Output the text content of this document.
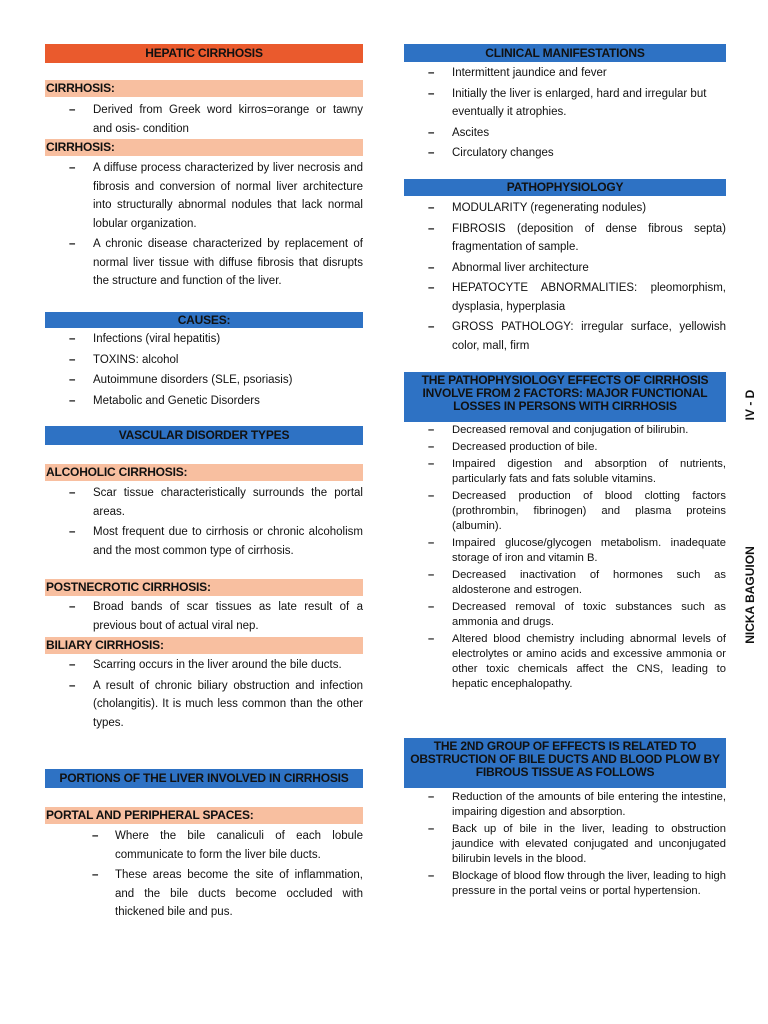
HEPATIC CIRRHOSIS
CIRRHOSIS:
– Derived from Greek word kirros=orange or tawny and osis- condition
CIRRHOSIS:
– A diffuse process characterized by liver necrosis and fibrosis and conversion of normal liver architecture into structurally abnormal nodules that lack normal lobular organization.
– A chronic disease characterized by replacement of normal liver tissue with diffuse fibrosis that disrupts the structure and function of the liver.
CAUSES:
– Infections (viral hepatitis)
– TOXINS: alcohol
– Autoimmune disorders (SLE, psoriasis)
– Metabolic and Genetic Disorders
VASCULAR DISORDER TYPES
ALCOHOLIC CIRRHOSIS:
– Scar tissue characteristically surrounds the portal areas.
– Most frequent due to cirrhosis or chronic alcoholism and the most common type of cirrhosis.
POSTNECROTIC CIRRHOSIS:
– Broad bands of scar tissues as late result of a previous bout of actual viral nep.
BILIARY CIRRHOSIS:
– Scarring occurs in the liver around the bile ducts.
– A result of chronic biliary obstruction and infection (cholangitis). It is much less common than the other types.
PORTIONS OF THE LIVER INVOLVED IN CIRRHOSIS
PORTAL AND PERIPHERAL SPACES:
– Where the bile canaliculi of each lobule communicate to form the liver bile ducts.
– These areas become the site of inflammation, and the bile ducts become occluded with thickened bile and pus.
CLINICAL MANIFESTATIONS
– Intermittent jaundice and fever
– Initially the liver is enlarged, hard and irregular but eventually it atrophies.
– Ascites
– Circulatory changes
PATHOPHYSIOLOGY
– MODULARITY (regenerating nodules)
– FIBROSIS (deposition of dense fibrous septa) fragmentation of sample.
– Abnormal liver architecture
– HEPATOCYTE ABNORMALITIES: pleomorphism, dysplasia, hyperplasia
– GROSS PATHOLOGY: irregular surface, yellowish color, mall, firm
THE PATHOPHYSIOLOGY EFFECTS OF CIRRHOSIS INVOLVE FROM 2 FACTORS: MAJOR FUNCTIONAL LOSSES IN PERSONS WITH CIRRHOSIS
– Decreased removal and conjugation of bilirubin.
– Decreased production of bile.
– Impaired digestion and absorption of nutrients, particularly fats and fats soluble vitamins.
– Decreased production of blood clotting factors (prothrombin, fibrinogen) and plasma proteins (albumin).
– Impaired glucose/glycogen metabolism. inadequate storage of iron and vitamin B.
– Decreased inactivation of hormones such as aldosterone and estrogen.
– Decreased removal of toxic substances such as ammonia and drugs.
– Altered blood chemistry including abnormal levels of electrolytes or amino acids and excessive ammonia or other toxic chemicals affect the CNS, leading to hepatic encephalopathy.
THE 2ND GROUP OF EFFECTS IS RELATED TO OBSTRUCTION OF BILE DUCTS AND BLOOD PLOW BY FIBROUS TISSUE AS FOLLOWS
– Reduction of the amounts of bile entering the intestine, impairing digestion and absorption.
– Back up of bile in the liver, leading to obstruction jaundice with elevated conjugated and unconjugated bilirubin levels in the blood.
– Blockage of blood flow through the liver, leading to high pressure in the portal veins or portal hypertension.
IV - D
NICKA BAGUION
